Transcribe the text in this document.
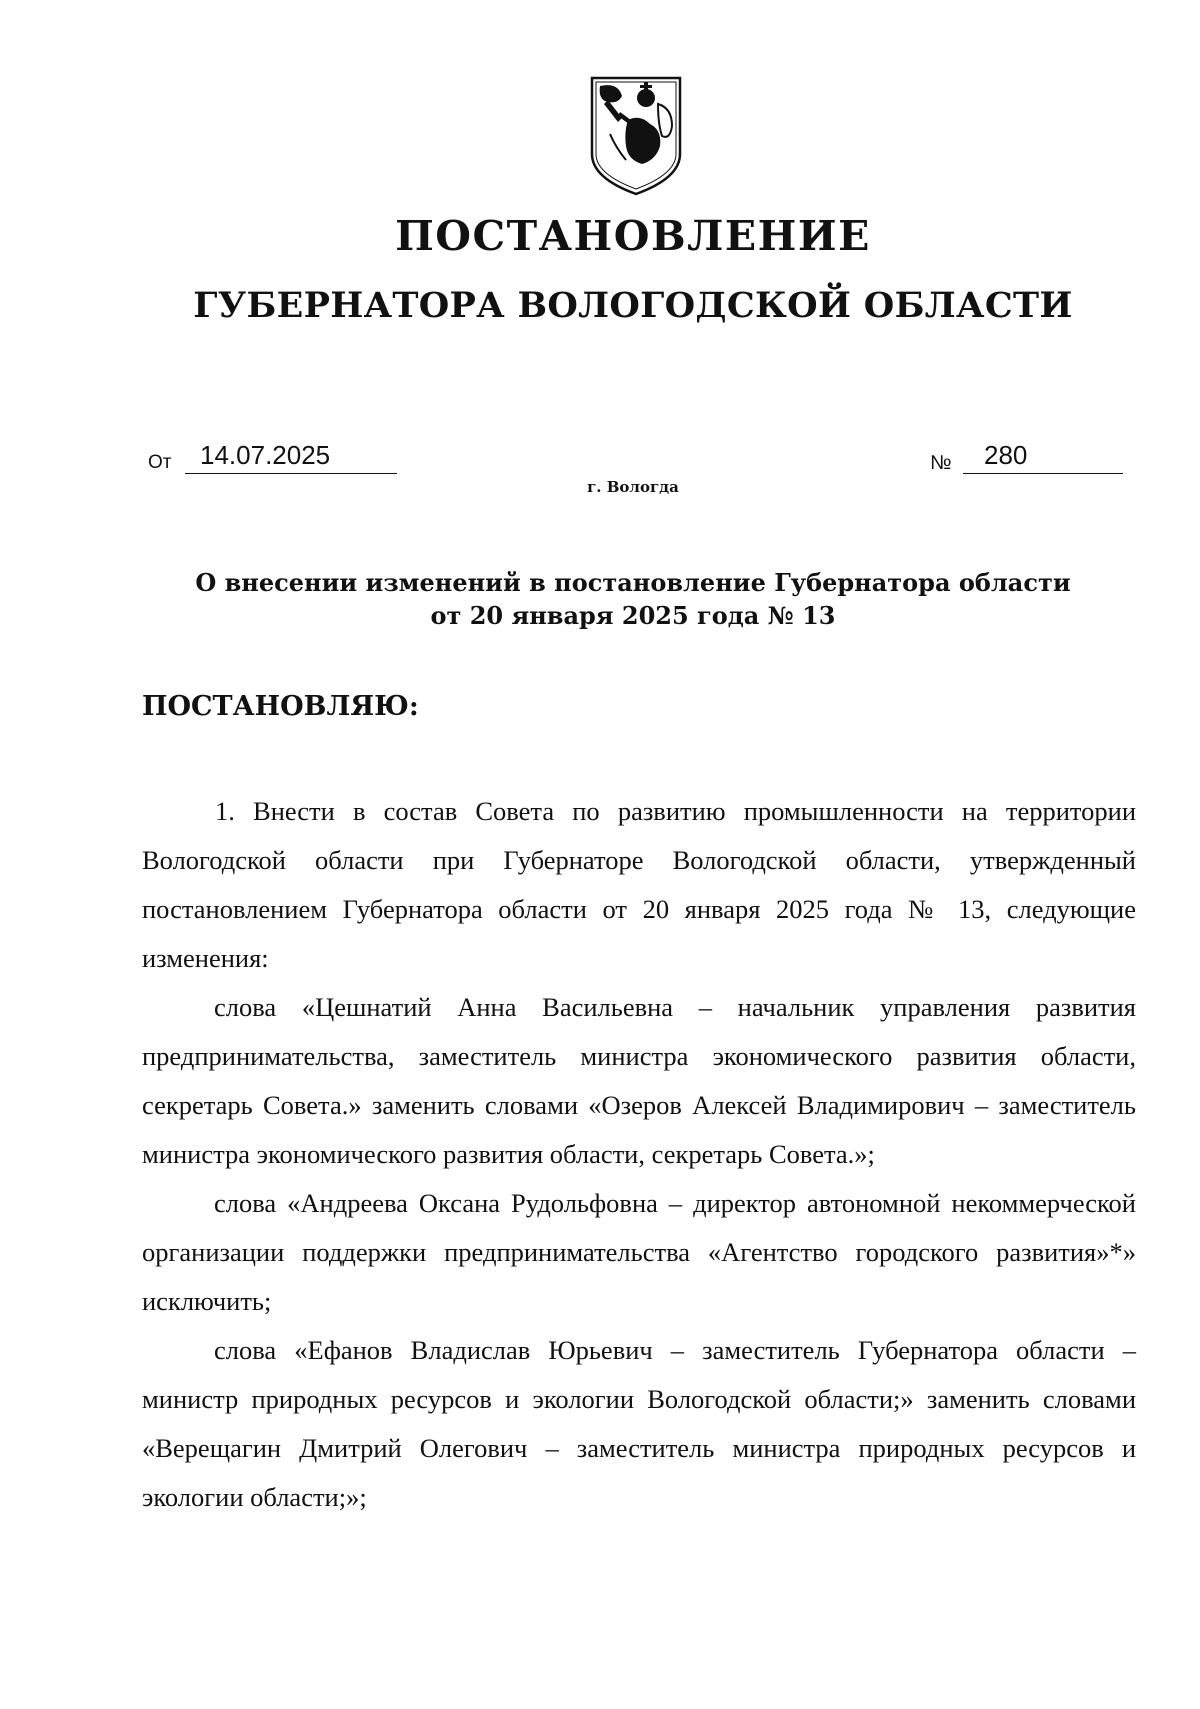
ПОСТАНОВЛЕНИЕ
ГУБЕРНАТОРА ВОЛОГОДСКОЙ ОБЛАСТИ
От 14.07.2025	№ 280
г. Вологда
О внесении изменений в постановление Губернатора области
от 20 января 2025 года № 13
ПОСТАНОВЛЯЮ:

1. Внести в состав Совета по развитию промышленности на территории Вологодской области при Губернаторе Вологодской области, утвержденный постановлением Губернатора области от 20 января 2025 года № 13, следующие изменения:

слова «Цешнатий Анна Васильевна – начальник управления развития предпринимательства, заместитель министра экономического развития области, секретарь Совета.» заменить словами «Озеров Алексей Владимирович – заместитель министра экономического развития области, секретарь Совета.»;

слова «Андреева Оксана Рудольфовна – директор автономной некоммерческой организации поддержки предпринимательства «Агентство городского развития»*» исключить;

слова «Ефанов Владислав Юрьевич – заместитель Губернатора области – министр природных ресурсов и экологии Вологодской области;» заменить словами «Верещагин Дмитрий Олегович – заместитель министра природных ресурсов и экологии области;»;
